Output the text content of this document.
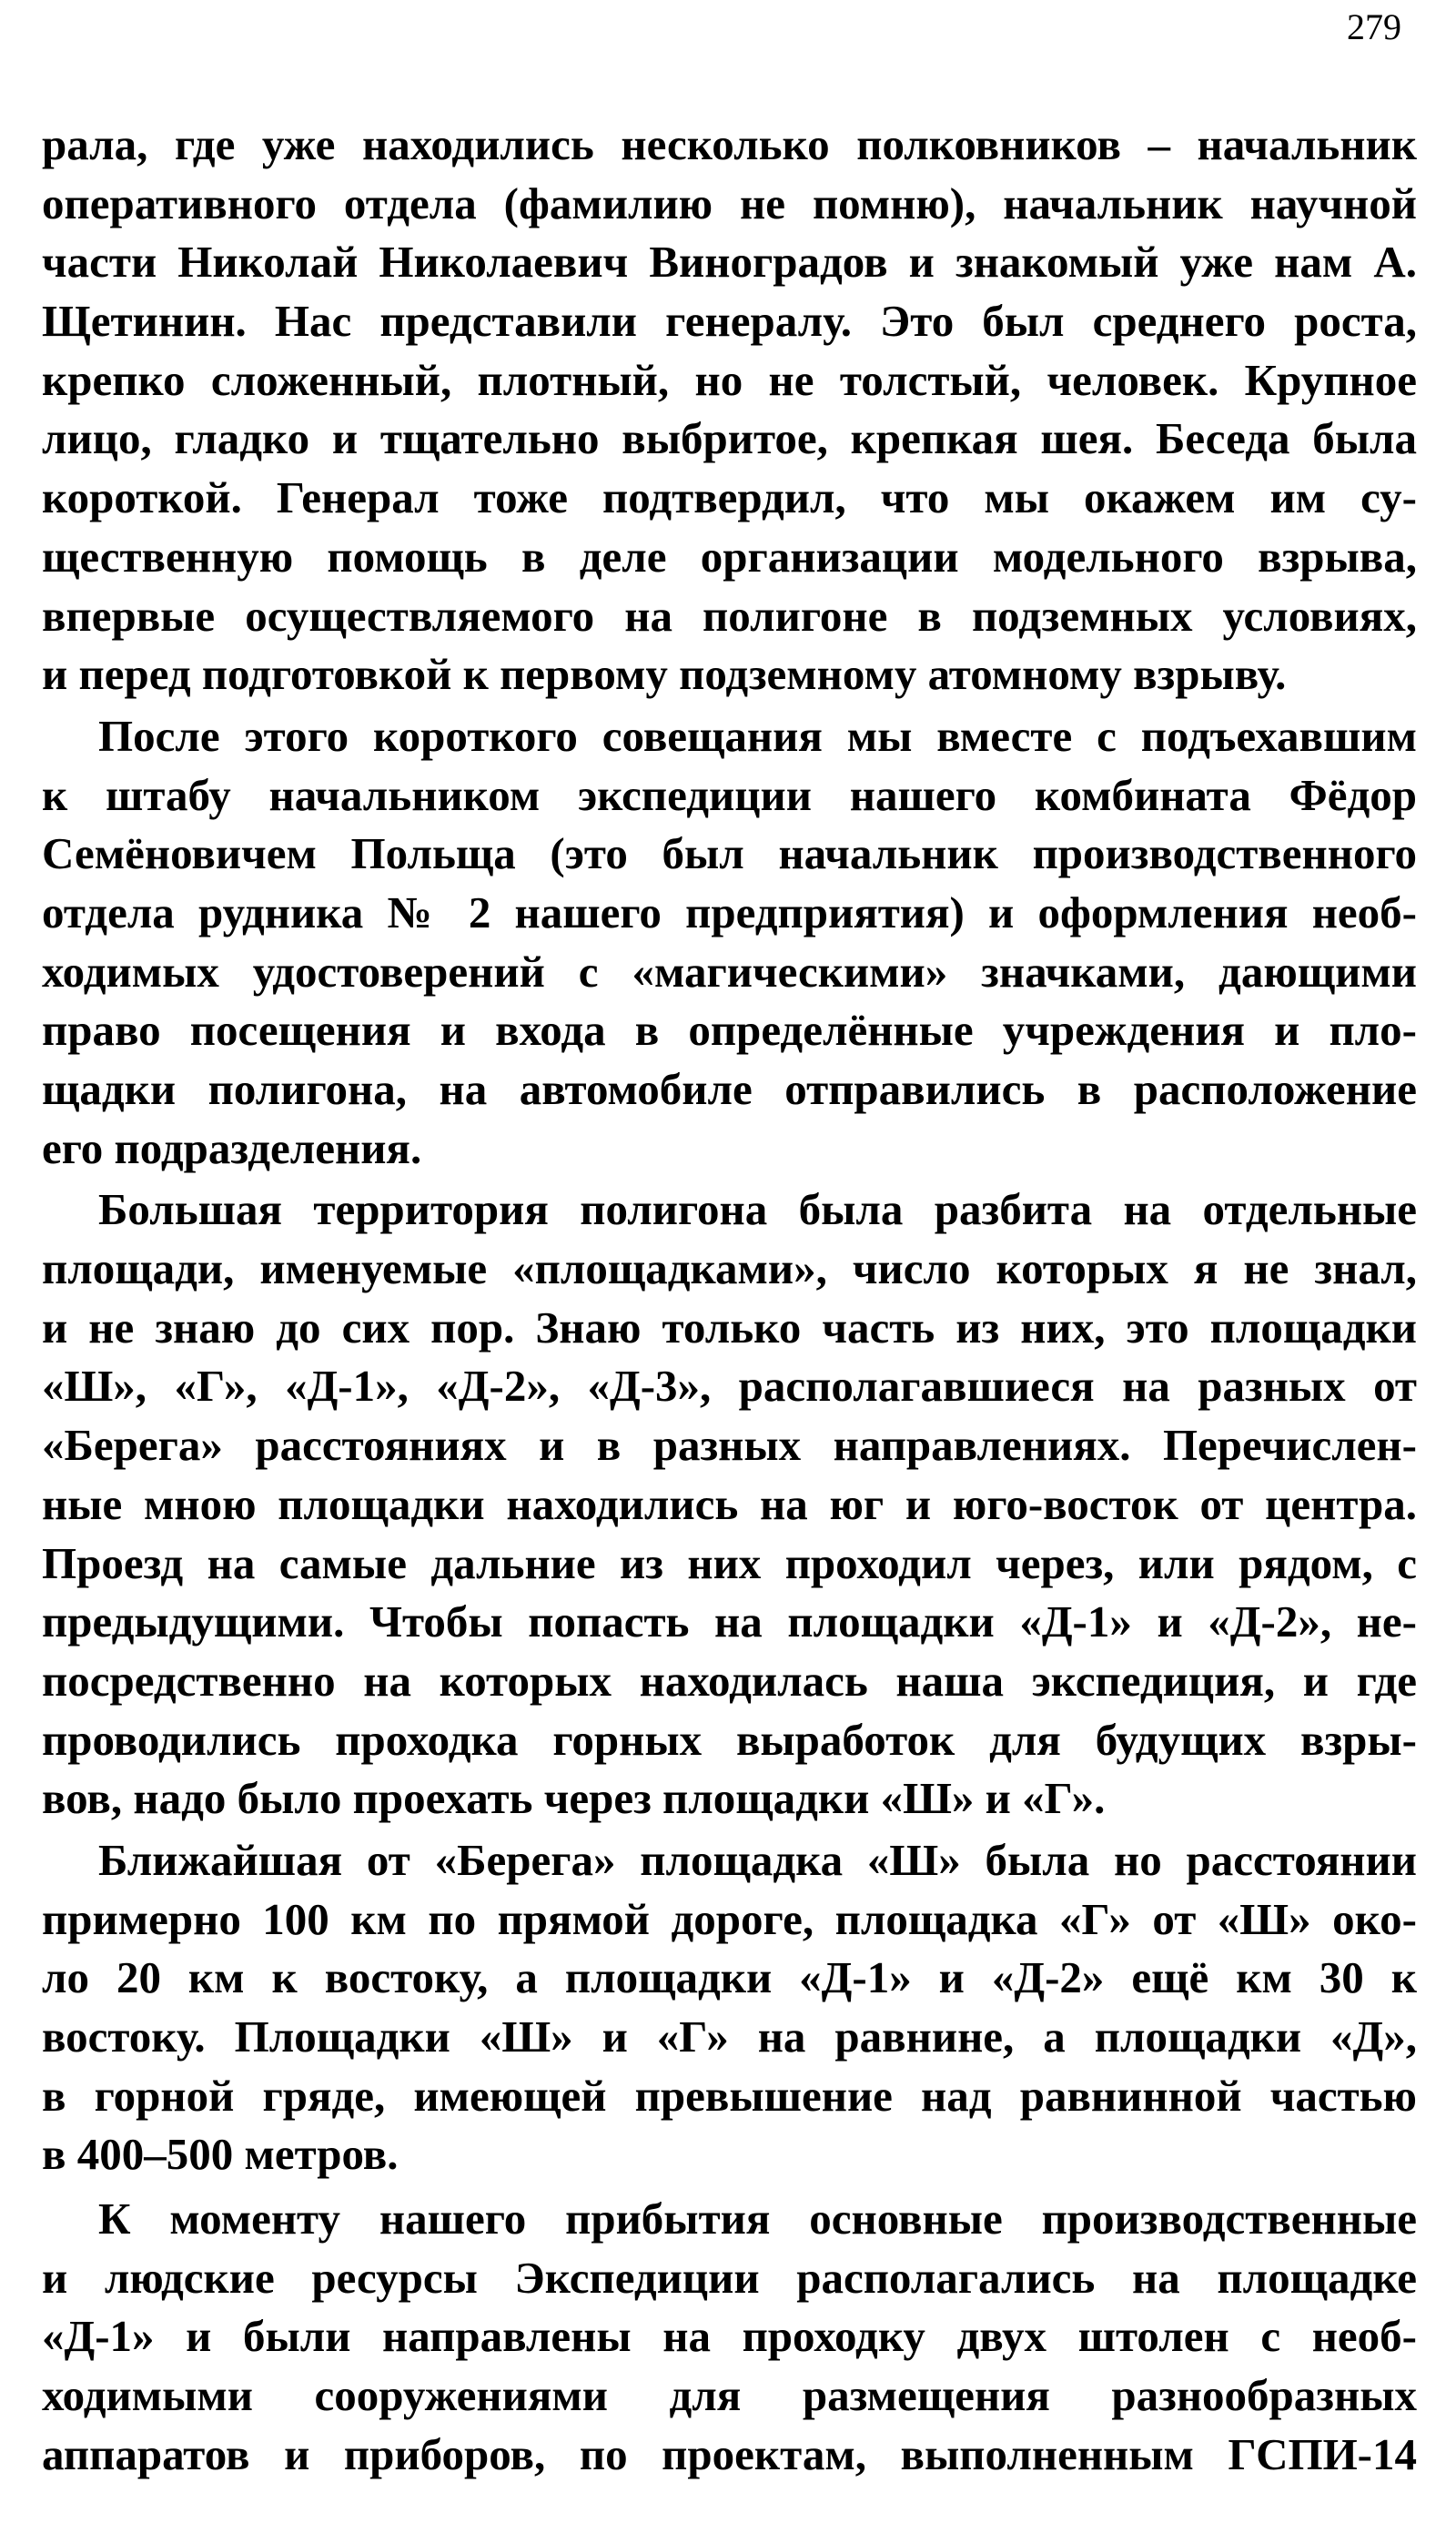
279
рала, где уже находились несколько полковников – начальник
оперативного отдела (фамилию не помню), начальник научной
части Николай Николаевич Виноградов и знакомый уже нам А.
Щетинин. Нас представили генералу. Это был среднего роста,
крепко сложенный, плотный, но не толстый, человек. Крупное
лицо, гладко и тщательно выбритое, крепкая шея. Беседа была
короткой. Генерал тоже подтвердил, что мы окажем им су-
щественную помощь в деле организации модельного взрыва,
впервые осуществляемого на полигоне в подземных условиях,
и перед подготовкой к первому подземному атомному взрыву.
После этого короткого совещания мы вместе с подъехавшим
к штабу начальником экспедиции нашего комбината Фёдор
Семёновичем Польща (это был начальник производственного
отдела рудника № 2 нашего предприятия) и оформления необ-
ходимых удостоверений с «магическими» значками, дающими
право посещения и входа в определённые учреждения и пло-
щадки полигона, на автомобиле отправились в расположение
его подразделения.
Большая территория полигона была разбита на отдельные
площади, именуемые «площадками», число которых я не знал,
и не знаю до сих пор. Знаю только часть из них, это площадки
«Ш», «Г», «Д-1», «Д-2», «Д-3», располагавшиеся на разных от
«Берега» расстояниях и в разных направлениях. Перечислен-
ные мною площадки находились на юг и юго-восток от центра.
Проезд на самые дальние из них проходил через, или рядом, с
предыдущими. Чтобы попасть на площадки «Д-1» и «Д-2», не-
посредственно на которых находилась наша экспедиция, и где
проводились проходка горных выработок для будущих взры-
вов, надо было проехать через площадки «Ш» и «Г».
Ближайшая от «Берега» площадка «Ш» была но расстоянии
примерно 100 км по прямой дороге, площадка «Г» от «Ш» око-
ло 20 км к востоку, а площадки «Д-1» и «Д-2» ещё км 30 к
востоку. Площадки «Ш» и «Г» на равнине, а площадки «Д»,
в горной гряде, имеющей превышение над равнинной частью
в 400–500 метров.
К моменту нашего прибытия основные производственные
и людские ресурсы Экспедиции располагались на площадке
«Д-1» и были направлены на проходку двух штолен с необ-
ходимыми сооружениями для размещения разнообразных
аппаратов и приборов, по проектам, выполненным ГСПИ-14
